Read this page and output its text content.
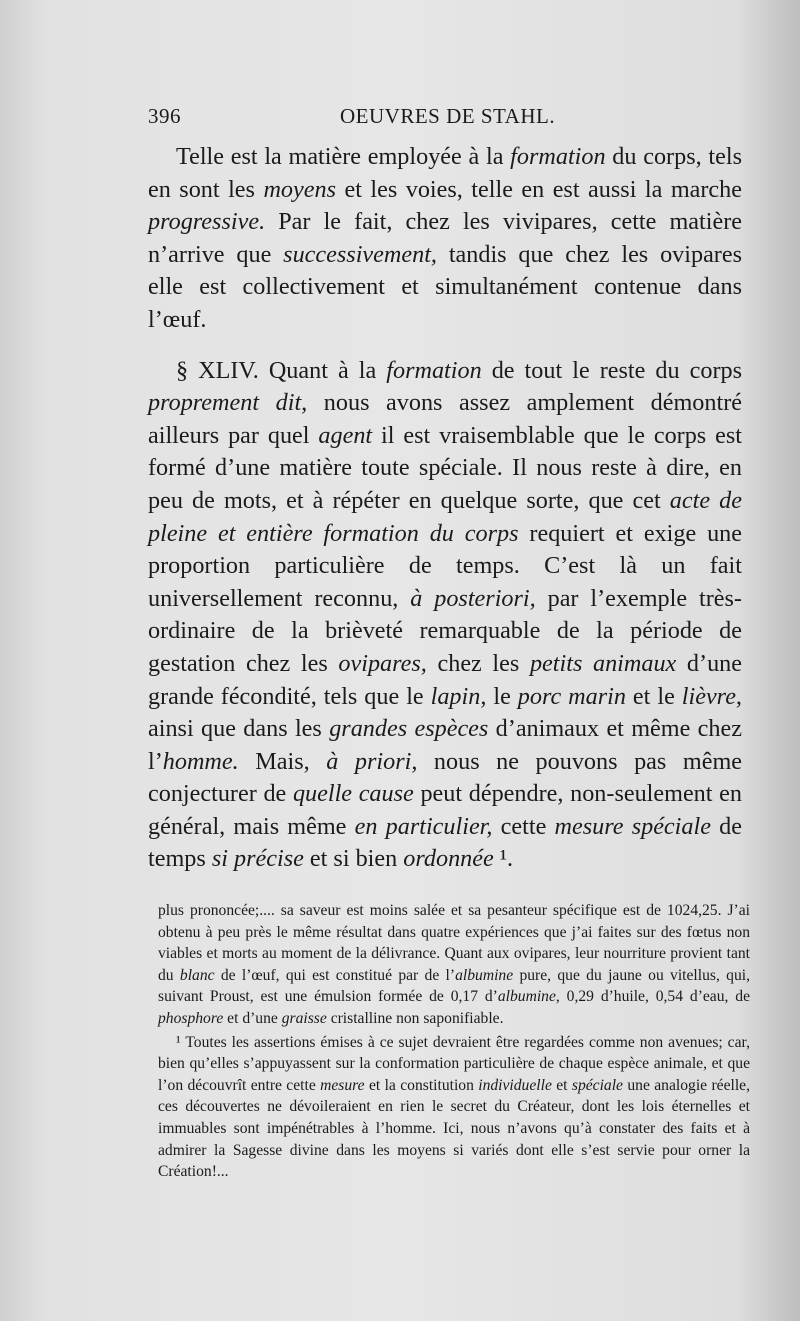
396	OEUVRES DE STAHL.

Telle est la matière employée à la formation du corps, tels en sont les moyens et les voies, telle en est aussi la marche progressive. Par le fait, chez les vivipares, cette matière n’arrive que successivement, tandis que chez les ovipares elle est collectivement et simultanément contenue dans l’œuf.

§ XLIV. Quant à la formation de tout le reste du corps proprement dit, nous avons assez amplement démontré ailleurs par quel agent il est vraisemblable que le corps est formé d’une matière toute spéciale. Il nous reste à dire, en peu de mots, et à répéter en quelque sorte, que cet acte de pleine et entière formation du corps requiert et exige une proportion particulière de temps. C’est là un fait universellement reconnu, à posteriori, par l’exemple très-ordinaire de la brièveté remarquable de la période de gestation chez les ovipares, chez les petits animaux d’une grande fécondité, tels que le lapin, le porc marin et le lièvre, ainsi que dans les grandes espèces d’animaux et même chez l’homme. Mais, à priori, nous ne pouvons pas même conjecturer de quelle cause peut dépendre, non-seulement en général, mais même en particulier, cette mesure spéciale de temps si précise et si bien ordonnée ¹.

plus prononcée;.... sa saveur est moins salée et sa pesanteur spécifique est de 1024,25. J’ai obtenu à peu près le même résultat dans quatre expériences que j’ai faites sur des fœtus non viables et morts au moment de la délivrance. Quant aux ovipares, leur nourriture provient tant du blanc de l’œuf, qui est constitué par de l’albumine pure, que du jaune ou vitellus, qui, suivant Proust, est une émulsion formée de 0,17 d’albumine, 0,29 d’huile, 0,54 d’eau, de phosphore et d’une graisse cristalline non saponifiable.

¹ Toutes les assertions émises à ce sujet devraient être regardées comme non avenues; car, bien qu’elles s’appuyassent sur la conformation particulière de chaque espèce animale, et que l’on découvrît entre cette mesure et la constitution individuelle et spéciale une analogie réelle, ces découvertes ne dévoileraient en rien le secret du Créateur, dont les lois éternelles et immuables sont impénétrables à l’homme. Ici, nous n’avons qu’à constater des faits et à admirer la Sagesse divine dans les moyens si variés dont elle s’est servie pour orner la Création!...
